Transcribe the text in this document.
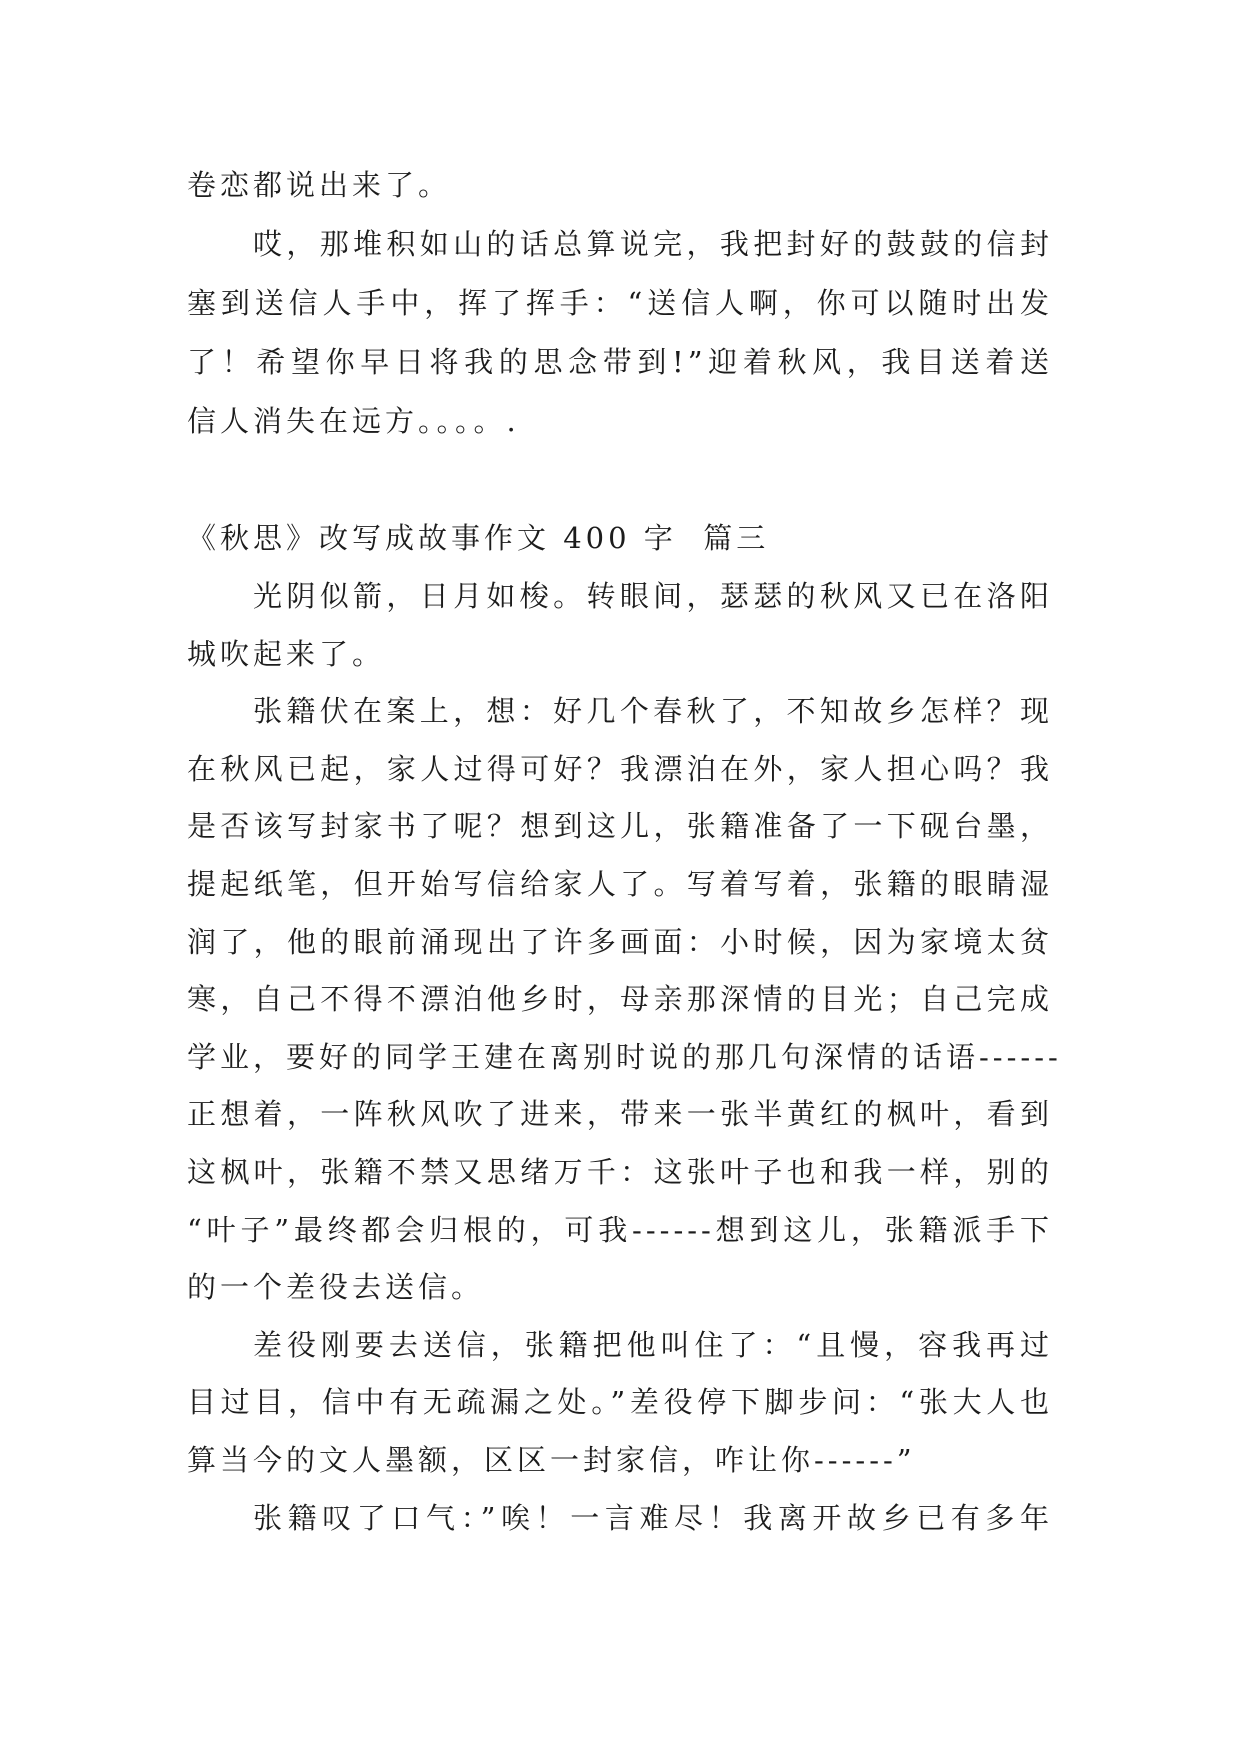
卷恋都说出来了。
哎，那堆积如山的话总算说完，我把封好的鼓鼓的信封
塞到送信人手中，挥了挥手：“送信人啊，你可以随时出发
了！希望你早日将我的思念带到!”迎着秋风，我目送着送
信人消失在远方。。。。.
《秋思》改写成故事作文 400 字  篇三
光阴似箭，日月如梭。转眼间，瑟瑟的秋风又已在洛阳
城吹起来了。
张籍伏在案上，想：好几个春秋了，不知故乡怎样？现
在秋风已起，家人过得可好？我漂泊在外，家人担心吗？我
是否该写封家书了呢？想到这儿，张籍准备了一下砚台墨，
提起纸笔，但开始写信给家人了。写着写着，张籍的眼睛湿
润了，他的眼前涌现出了许多画面：小时候，因为家境太贫
寒，自己不得不漂泊他乡时，母亲那深情的目光；自己完成
学业，要好的同学王建在离别时说的那几句深情的话语------
正想着，一阵秋风吹了进来，带来一张半黄红的枫叶，看到
这枫叶，张籍不禁又思绪万千：这张叶子也和我一样，别的
“叶子”最终都会归根的，可我------想到这儿，张籍派手下
的一个差役去送信。
差役刚要去送信，张籍把他叫住了：“且慢，容我再过
目过目，信中有无疏漏之处。”差役停下脚步问：“张大人也
算当今的文人墨额，区区一封家信，咋让你------”
张籍叹了口气：”唉！一言难尽！我离开故乡已有多年
